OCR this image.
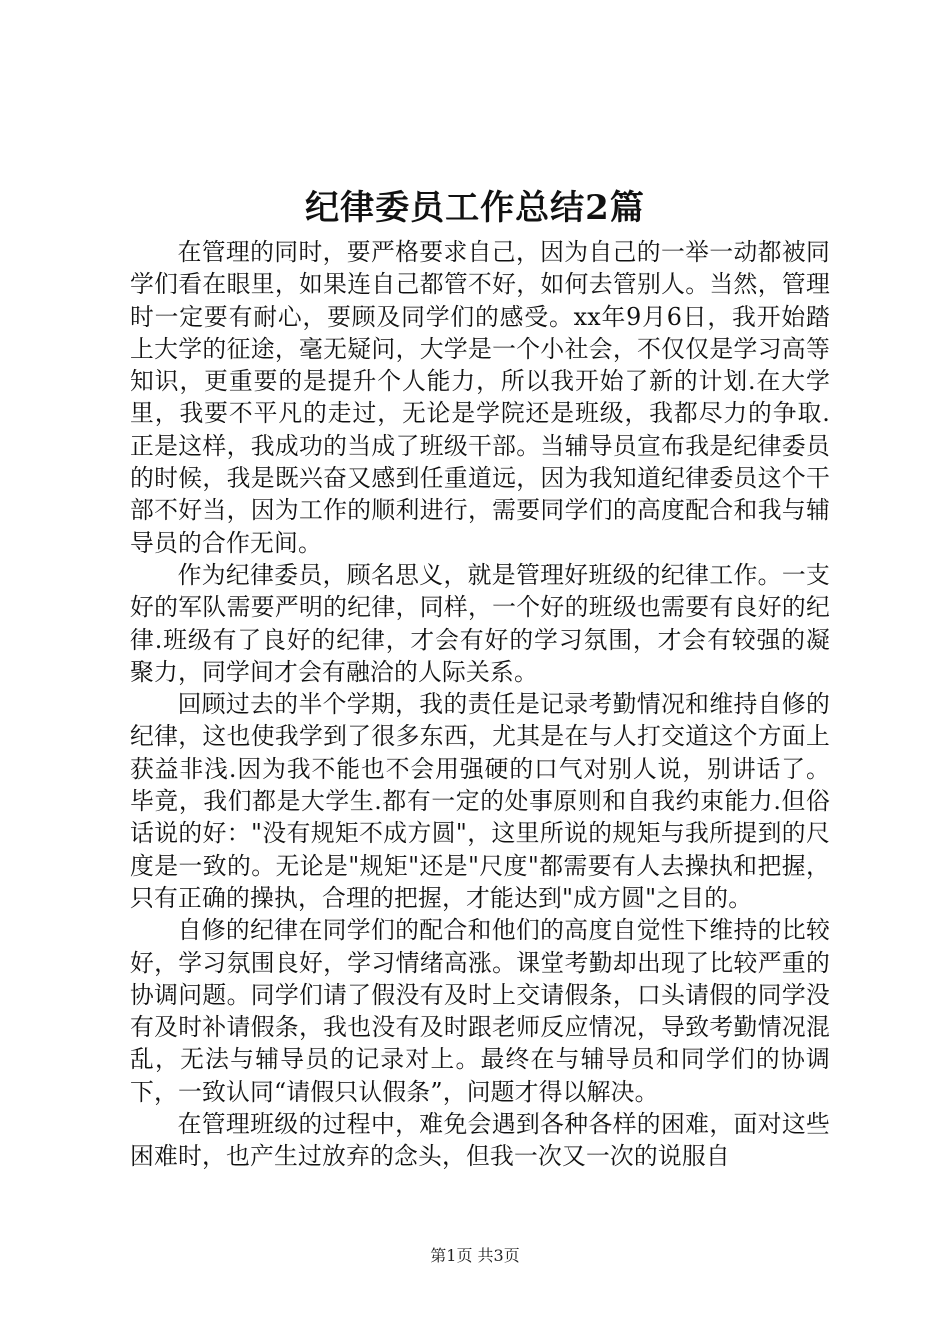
纪律委员工作总结2篇

在管理的同时，要严格要求自己，因为自己的一举一动都被同学们看在眼里，如果连自己都管不好，如何去管别人。当然，管理时一定要有耐心，要顾及同学们的感受。xx年9月6日，我开始踏上大学的征途，毫无疑问，大学是一个小社会，不仅仅是学习高等知识，更重要的是提升个人能力，所以我开始了新的计划.在大学里，我要不平凡的走过，无论是学院还是班级，我都尽力的争取.正是这样，我成功的当成了班级干部。当辅导员宣布我是纪律委员的时候，我是既兴奋又感到任重道远，因为我知道纪律委员这个干部不好当，因为工作的顺利进行，需要同学们的高度配合和我与辅导员的合作无间。

作为纪律委员，顾名思义，就是管理好班级的纪律工作。一支好的军队需要严明的纪律，同样，一个好的班级也需要有良好的纪律.班级有了良好的纪律，才会有好的学习氛围，才会有较强的凝聚力，同学间才会有融洽的人际关系。

回顾过去的半个学期，我的责任是记录考勤情况和维持自修的纪律，这也使我学到了很多东西，尤其是在与人打交道这个方面上获益非浅.因为我不能也不会用强硬的口气对别人说，别讲话了。毕竟，我们都是大学生.都有一定的处事原则和自我约束能力.但俗话说的好："没有规矩不成方圆"，这里所说的规矩与我所提到的尺度是一致的。无论是"规矩"还是"尺度"都需要有人去操执和把握，只有正确的操执，合理的把握，才能达到"成方圆"之目的。

自修的纪律在同学们的配合和他们的高度自觉性下维持的比较好，学习氛围良好，学习情绪高涨。课堂考勤却出现了比较严重的协调问题。同学们请了假没有及时上交请假条，口头请假的同学没有及时补请假条，我也没有及时跟老师反应情况，导致考勤情况混乱，无法与辅导员的记录对上。最终在与辅导员和同学们的协调下，一致认同“请假只认假条”，问题才得以解决。

在管理班级的过程中，难免会遇到各种各样的困难，面对这些困难时，也产生过放弃的念头，但我一次又一次的说服自

第1页 共3页
